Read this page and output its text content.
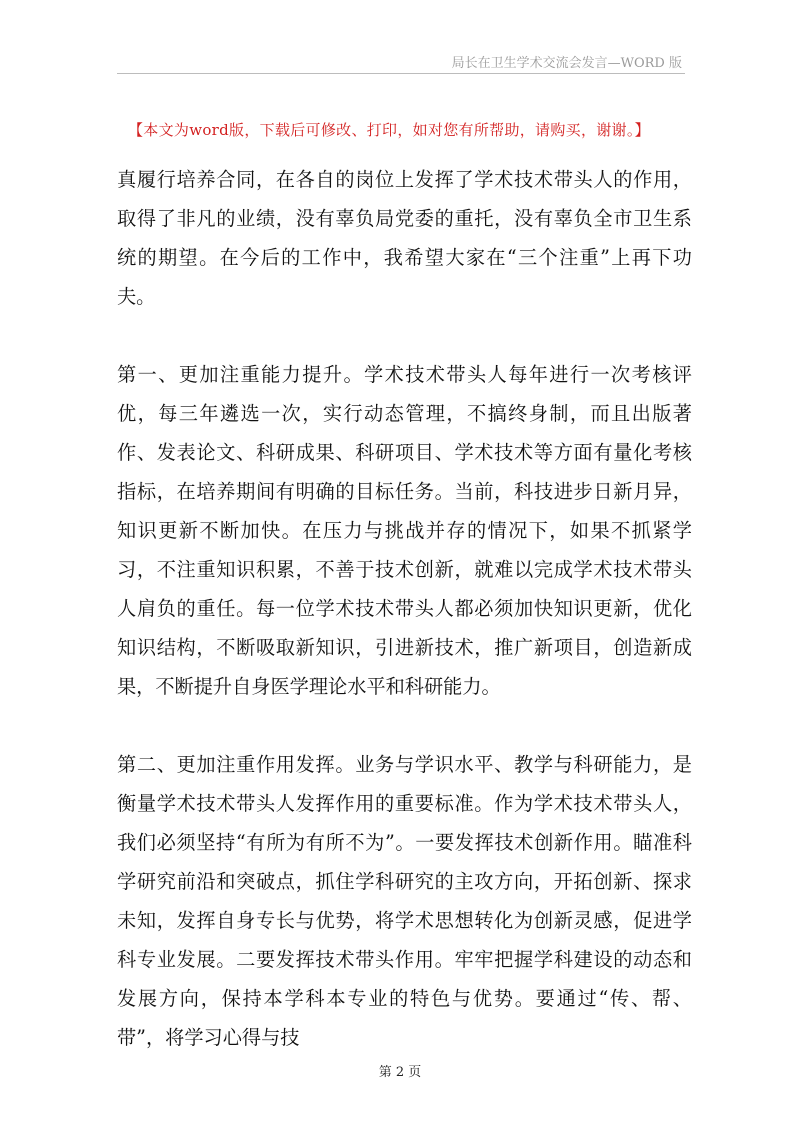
局长在卫生学术交流会发言—WORD 版
【本文为word版，下载后可修改、打印，如对您有所帮助，请购买，谢谢。】

真履行培养合同，在各自的岗位上发挥了学术技术带头人的作用，取得了非凡的业绩，没有辜负局党委的重托，没有辜负全市卫生系统的期望。在今后的工作中，我希望大家在“三个注重”上再下功夫。

第一、更加注重能力提升。学术技术带头人每年进行一次考核评优，每三年遴选一次，实行动态管理，不搞终身制，而且出版著作、发表论文、科研成果、科研项目、学术技术等方面有量化考核指标，在培养期间有明确的目标任务。当前，科技进步日新月异，知识更新不断加快。在压力与挑战并存的情况下，如果不抓紧学习，不注重知识积累，不善于技术创新，就难以完成学术技术带头人肩负的重任。每一位学术技术带头人都必须加快知识更新，优化知识结构，不断吸取新知识，引进新技术，推广新项目，创造新成果，不断提升自身医学理论水平和科研能力。

第二、更加注重作用发挥。业务与学识水平、教学与科研能力，是衡量学术技术带头人发挥作用的重要标准。作为学术技术带头人，我们必须坚持“有所为有所不为”。一要发挥技术创新作用。瞄准科学研究前沿和突破点，抓住学科研究的主攻方向，开拓创新、探求未知，发挥自身专长与优势，将学术思想转化为创新灵感，促进学科专业发展。二要发挥技术带头作用。牢牢把握学科建设的动态和发展方向，保持本学科本专业的特色与优势。要通过“传、帮、带”，将学习心得与技

第 2 页
